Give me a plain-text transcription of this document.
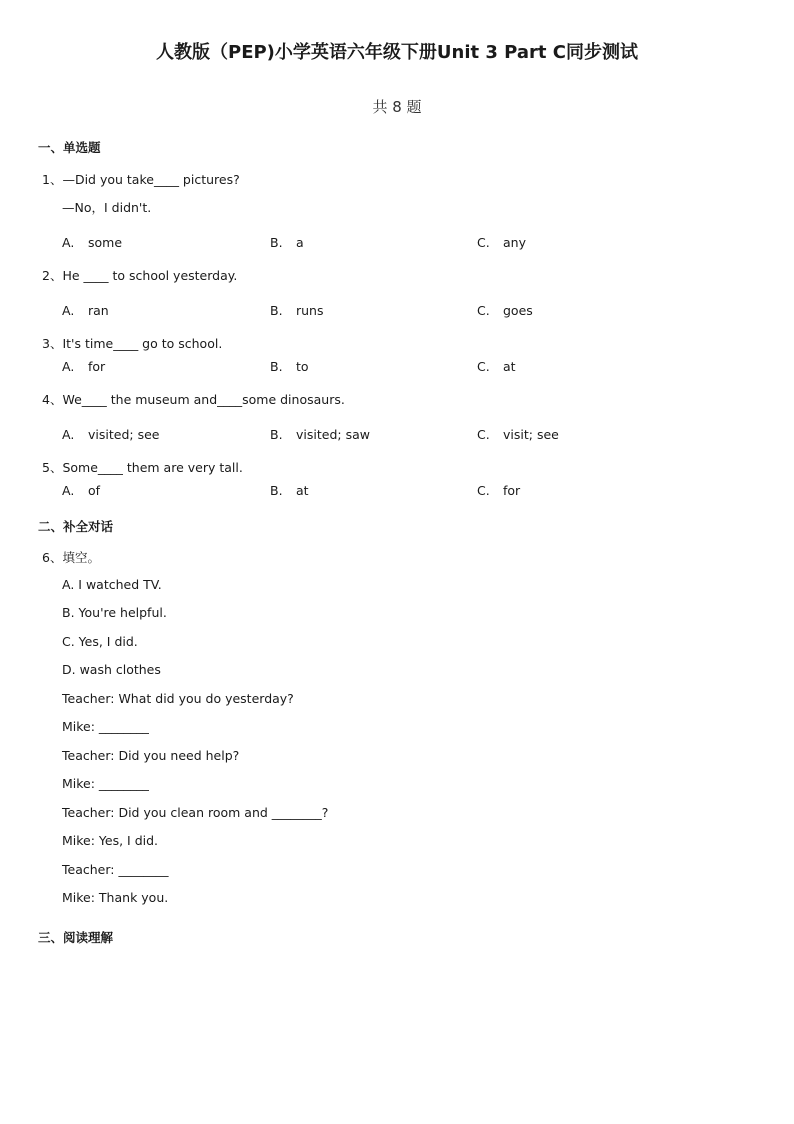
人教版（PEP)小学英语六年级下册Unit 3 Part C同步测试
共 8 题
一、单选题
1、—Did you take____ pictures?
—No，I didn't.
A. some	B. a	C. any
2、He ____ to school yesterday.
A. ran	B. runs	C. goes
3、It's time____ go to school.
A. for	B. to	C. at
4、We____ the museum and____some dinosaurs.
A. visited; see	B. visited; saw	C. visit; see
5、Some____ them are very tall.
A. of	B. at	C. for
二、补全对话
6、填空。
A. I watched TV.
B. You're helpful.
C. Yes, I did.
D. wash clothes
Teacher: What did you do yesterday?
Mike: ________
Teacher: Did you need help?
Mike: ________
Teacher: Did you clean room and ________?
Mike: Yes, I did.
Teacher: ________
Mike: Thank you.
三、阅读理解
